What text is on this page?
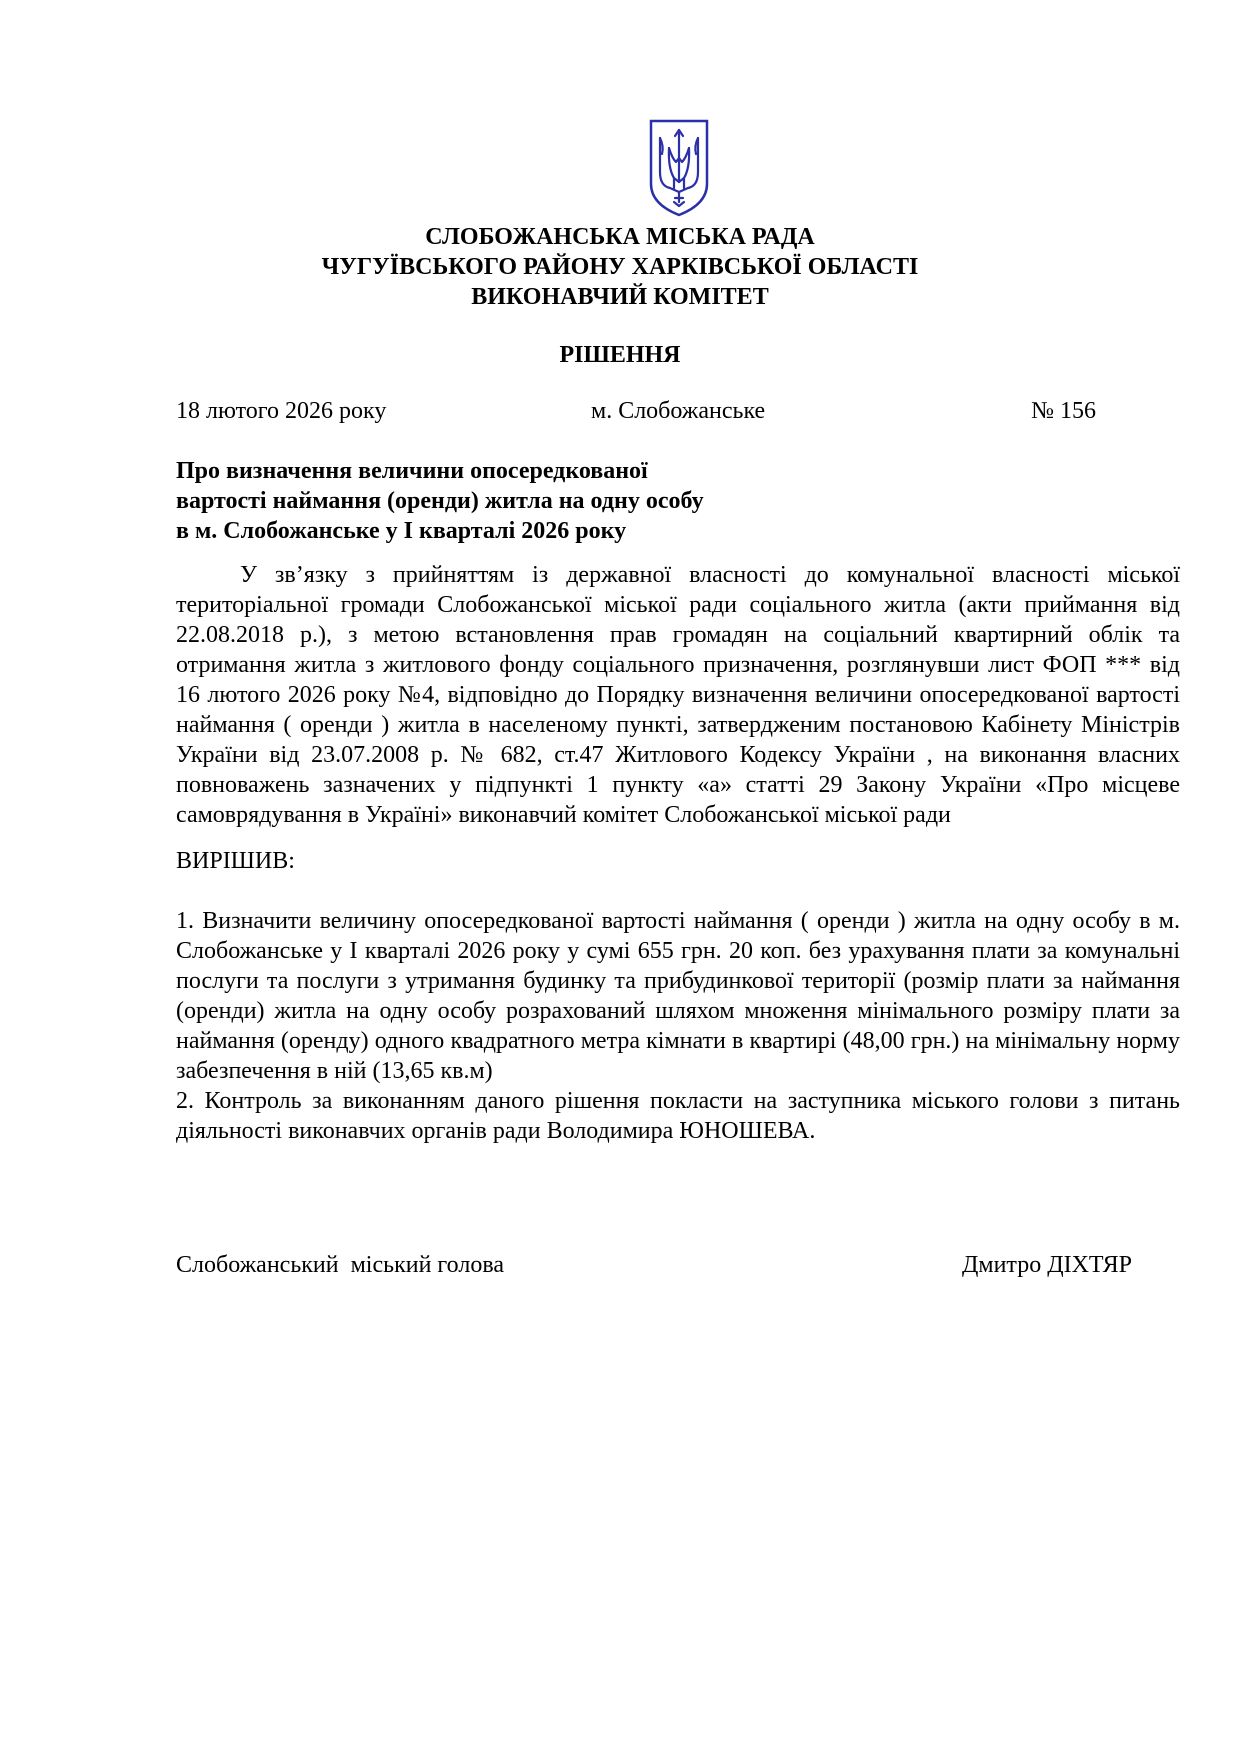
СЛОБОЖАНСЬКА МІСЬКА РАДА
ЧУГУЇВСЬКОГО РАЙОНУ ХАРКІВСЬКОЇ ОБЛАСТІ
ВИКОНАВЧИЙ КОМІТЕТ
РІШЕННЯ
18 лютого 2026 року	м. Слобожанське	№ 156
Про визначення величини опосередкованої
вартості наймання (оренди) житла на одну особу
в м. Слобожанське у І кварталі 2026 року

У зв’язку з прийняттям із державної власності до комунальної власності міської територіальної громади Слобожанської міської ради соціального житла (акти приймання від 22.08.2018 р.), з метою встановлення прав громадян на соціальний квартирний облік та отримання житла з житлового фонду соціального призначення, розглянувши лист ФОП *** від 16 лютого 2026 року №4, відповідно до Порядку визначення величини опосередкованої вартості наймання ( оренди ) житла в населеному пункті, затвердженим постановою Кабінету Міністрів України від 23.07.2008 р. № 682, ст.47 Житлового Кодексу України , на виконання власних повноважень зазначених у підпункті 1 пункту «а» статті 29 Закону України «Про місцеве самоврядування в Україні» виконавчий комітет Слобожанської міської ради

ВИРІШИВ:

1. Визначити величину опосередкованої вартості наймання ( оренди ) житла на одну особу в м. Слобожанське у І кварталі 2026 року у сумі 655 грн. 20 коп. без урахування плати за комунальні послуги та послуги з утримання будинку та прибудинкової території (розмір плати за наймання (оренди) житла на одну особу розрахований шляхом множення мінімального розміру плати за наймання (оренду) одного квадратного метра кімнати в квартирі (48,00 грн.) на мінімальну норму забезпечення в ній (13,65 кв.м)

2. Контроль за виконанням даного рішення покласти на заступника міського голови з питань діяльності виконавчих органів ради Володимира ЮНОШЕВА.

Слобожанський  міський голова	Дмитро ДІХТЯР
